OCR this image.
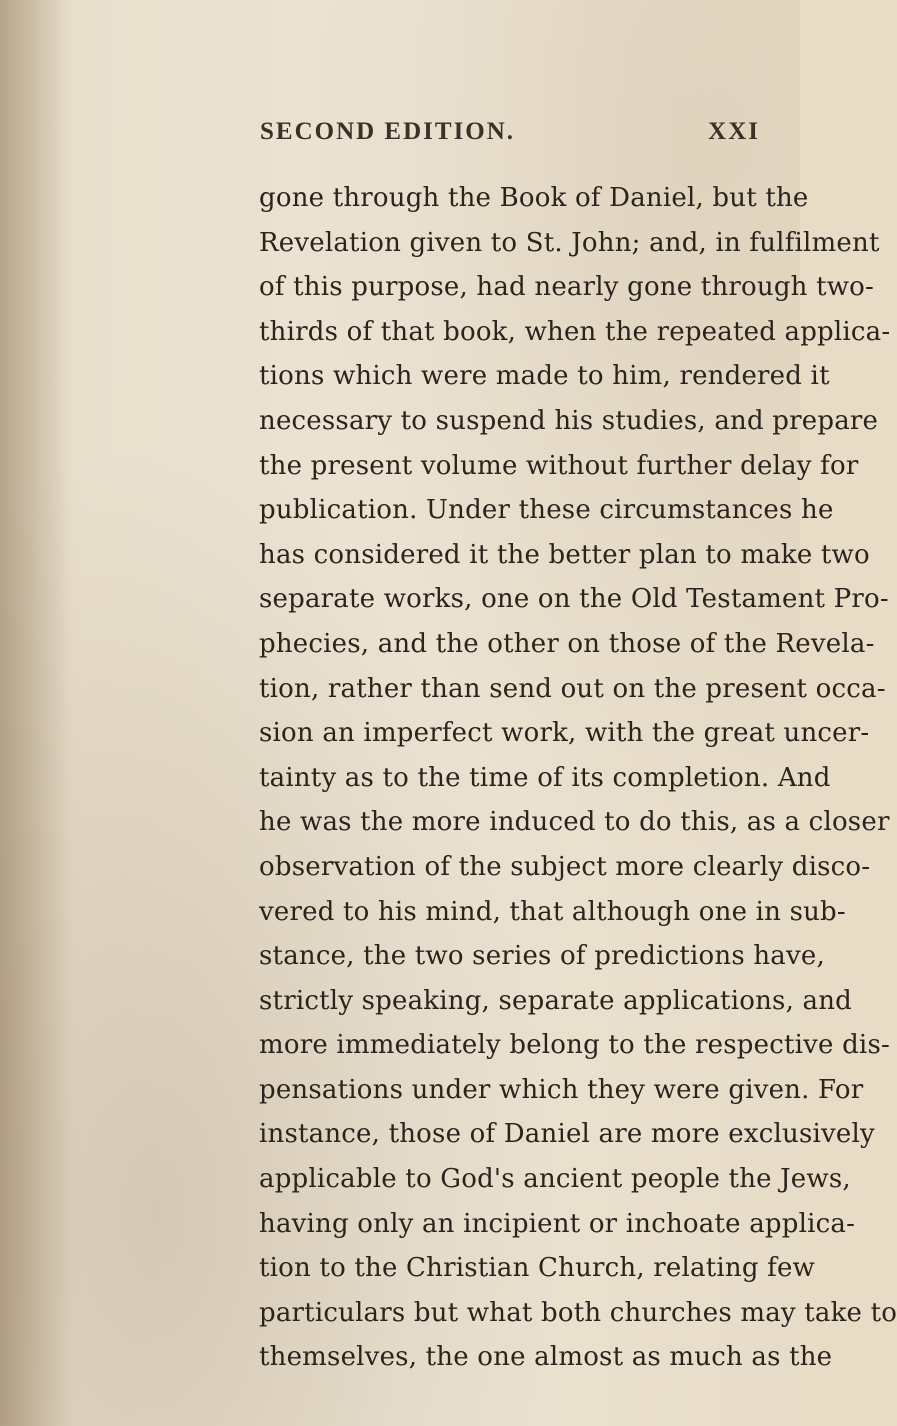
SECOND EDITION.	XXI
gone through the Book of Daniel, but the
Revelation given to St. John; and, in fulfilment
of this purpose, had nearly gone through two-
thirds of that book, when the repeated applica-
tions which were made to him, rendered it
necessary to suspend his studies, and prepare
the present volume without further delay for
publication. Under these circumstances he
has considered it the better plan to make two
separate works, one on the Old Testament Pro-
phecies, and the other on those of the Revela-
tion, rather than send out on the present occa-
sion an imperfect work, with the great uncer-
tainty as to the time of its completion. And
he was the more induced to do this, as a closer
observation of the subject more clearly disco-
vered to his mind, that although one in sub-
stance, the two series of predictions have,
strictly speaking, separate applications, and
more immediately belong to the respective dis-
pensations under which they were given. For
instance, those of Daniel are more exclusively
applicable to God's ancient people the Jews,
having only an incipient or inchoate applica-
tion to the Christian Church, relating few
particulars but what both churches may take to
themselves, the one almost as much as the
